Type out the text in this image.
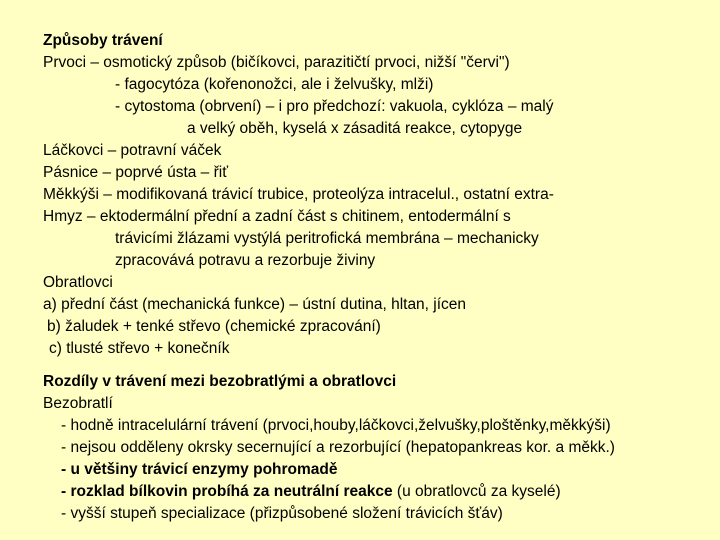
Způsoby trávení
Prvoci – osmotický způsob (bičíkovci, parazitičtí prvoci, nižší "červi")
- fagocytóza (kořenonožci, ale i želvušky, mlži)
- cytostoma (obrvení) – i pro předchozí: vakuola, cyklóza – malý
a velký oběh, kyselá x zásaditá reakce, cytopyge
Láčkovci – potravní váček
Pásnice – poprvé ústa – řiť
Měkkýši – modifikovaná trávicí trubice, proteolýza intracelul., ostatní extra-
Hmyz – ektodermální přední a zadní část s chitinem, entodermální s
trávicími žlázami vystýlá peritrofická membrána – mechanicky
zpracovává potravu a rezorbuje živiny
Obratlovci
a) přední část (mechanická funkce) – ústní dutina, hltan, jícen
b) žaludek + tenké střevo (chemické zpracování)
c) tlusté střevo + konečník
Rozdíly v trávení mezi bezobratlými a obratlovci
Bezobratlí
- hodně intracelulární trávení (prvoci,houby,láčkovci,želvušky,ploštěnky,měkkýši)
- nejsou odděleny okrsky secernující a rezorbující (hepatopankreas kor. a měkk.)
- u většiny trávicí enzymy pohromadě
- rozklad bílkovin probíhá za neutrální reakce (u obratlovců za kyselé)
- vyšší stupeň specializace (přizpůsobené složení trávicích šťáv)
